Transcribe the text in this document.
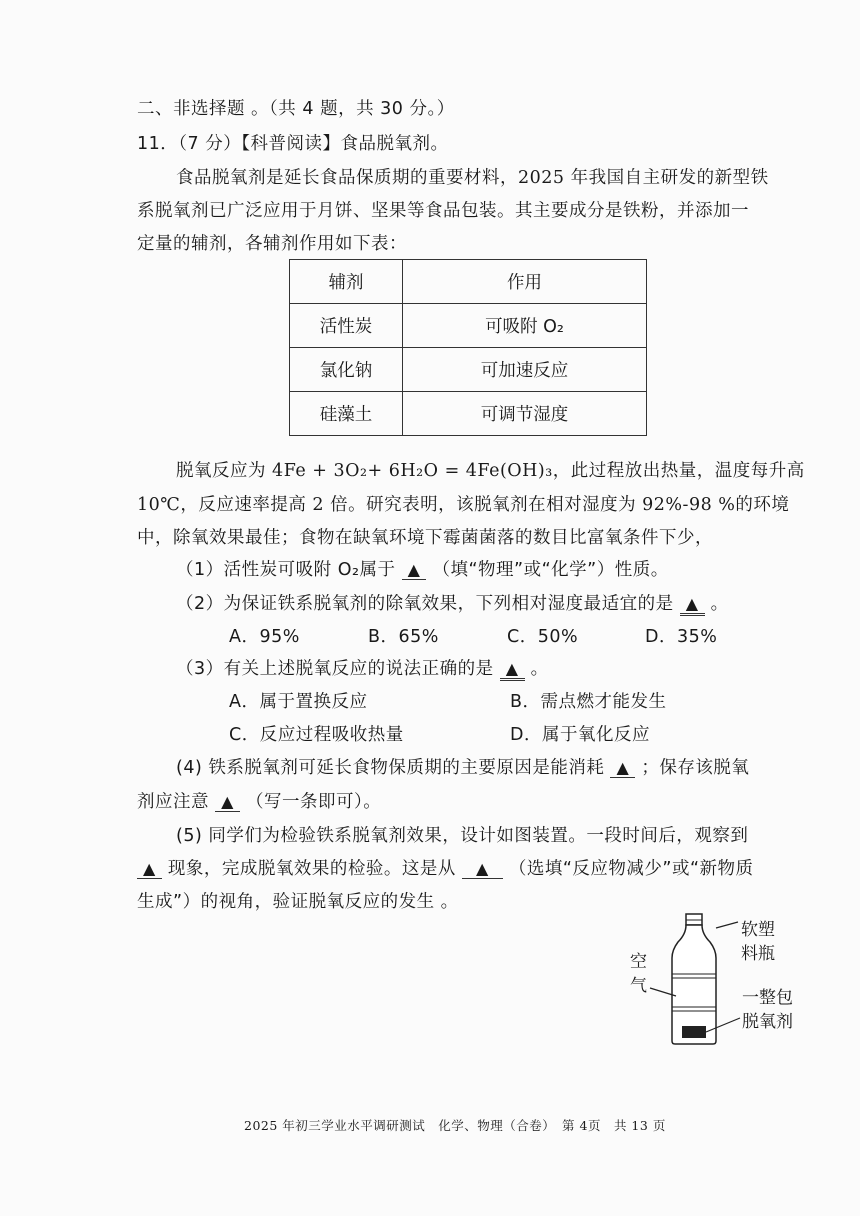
二、非选择题 。（共 4 题，共 30 分。）
11．（7 分）【科普阅读】食品脱氧剂。
食品脱氧剂是延长食品保质期的重要材料，2025 年我国自主研发的新型铁
系脱氧剂已广泛应用于月饼、坚果等食品包装。其主要成分是铁粉，并添加一
定量的辅剂，各辅剂作用如下表：
辅剂	作用
活性炭	可吸附 O₂
氯化钠	可加速反应
硅藻土	可调节湿度
脱氧反应为 4Fe + 3O₂+ 6H₂O = 4Fe(OH)₃，此过程放出热量，温度每升高
10℃，反应速率提高 2 倍。研究表明，该脱氧剂在相对湿度为 92%-98 %的环境
中，除氧效果最佳；食物在缺氧环境下霉菌菌落的数目比富氧条件下少，
（1）活性炭可吸附 O₂属于 ▲ （填“物理”或“化学”）性质。
（2）为保证铁系脱氧剂的除氧效果，下列相对湿度最适宜的是 ▲ 。
A．95%	B．65%	C．50%	D．35%
（3）有关上述脱氧反应的说法正确的是 ▲ 。
A．属于置换反应	B．需点燃才能发生
C．反应过程吸收热量	D．属于氧化反应
(4) 铁系脱氧剂可延长食物保质期的主要原因是能消耗 ▲ ；保存该脱氧
剂应注意 ▲ （写一条即可）。
(5) 同学们为检验铁系脱氧剂效果，设计如图装置。一段时间后，观察到
▲ 现象，完成脱氧效果的检验。这是从 ▲ （选填“反应物减少”或“新物质
生成”）的视角，验证脱氧反应的发生 。
软塑
料瓶
空
气
一整包
脱氧剂
2025 年初三学业水平调研测试　化学、物理（合卷）　第 4页　共 13 页
